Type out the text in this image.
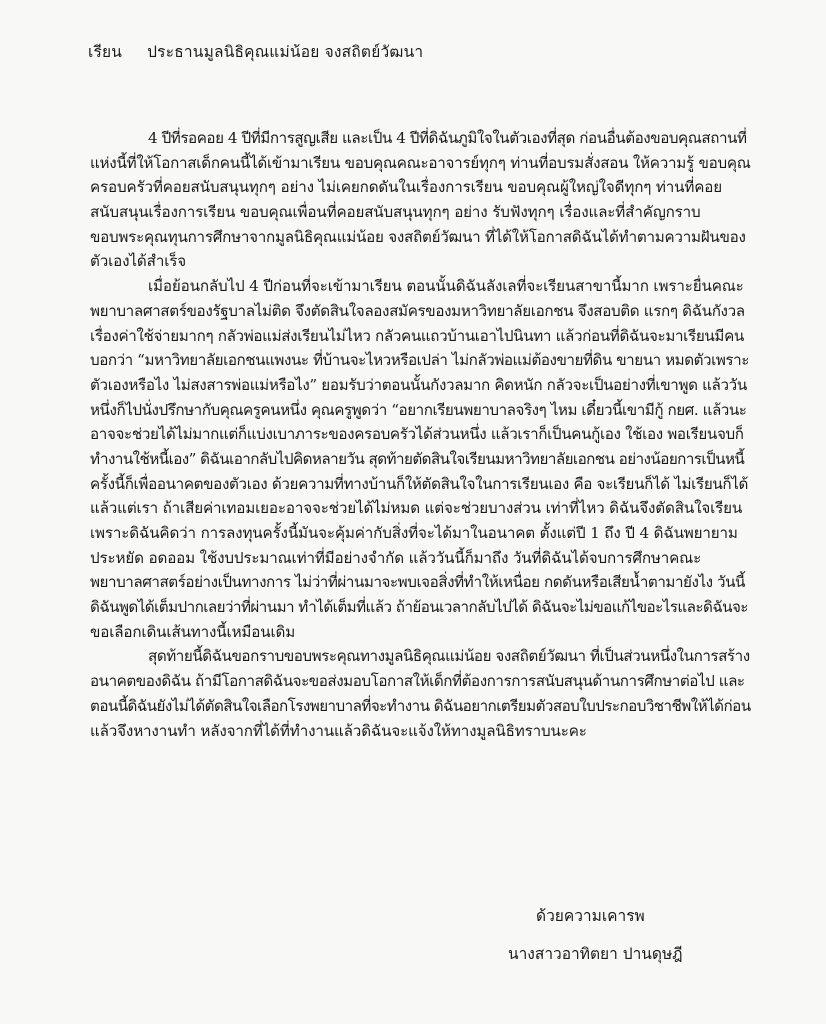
เรียน ประธานมูลนิธิคุณแม่น้อย จงสถิตย์วัฒนา
4 ปีที่รอคอย 4 ปีที่มีการสูญเสีย และเป็น 4 ปีที่ดิฉันภูมิใจในตัวเองที่สุด ก่อนอื่นต้องขอบคุณสถานที่
แห่งนี้ที่ให้โอกาสเด็กคนนี้ได้เข้ามาเรียน ขอบคุณคณะอาจารย์ทุกๆ ท่านที่อบรมสั่งสอน ให้ความรู้ ขอบคุณ
ครอบครัวที่คอยสนับสนุนทุกๆ อย่าง ไม่เคยกดดันในเรื่องการเรียน ขอบคุณผู้ใหญ่ใจดีทุกๆ ท่านที่คอย
สนับสนุนเรื่องการเรียน ขอบคุณเพื่อนที่คอยสนับสนุนทุกๆ อย่าง รับฟังทุกๆ เรื่องและที่สำคัญกราบ
ขอบพระคุณทุนการศึกษาจากมูลนิธิคุณแม่น้อย จงสถิตย์วัฒนา ที่ได้ให้โอกาสดิฉันได้ทำตามความฝันของ
ตัวเองได้สำเร็จ
เมื่อย้อนกลับไป 4 ปีก่อนที่จะเข้ามาเรียน ตอนนั้นดิฉันลังเลที่จะเรียนสาขานี้มาก เพราะยื่นคณะ
พยาบาลศาสตร์ของรัฐบาลไม่ติด จึงตัดสินใจลองสมัครของมหาวิทยาลัยเอกชน จึงสอบติด แรกๆ ดิฉันกังวล
เรื่องค่าใช้จ่ายมากๆ กลัวพ่อแม่ส่งเรียนไม่ไหว กลัวคนแถวบ้านเอาไปนินทา แล้วก่อนที่ดิฉันจะมาเรียนมีคน
บอกว่า “มหาวิทยาลัยเอกชนแพงนะ ที่บ้านจะไหวหรือเปล่า ไม่กลัวพ่อแม่ต้องขายที่ดิน ขายนา หมดตัวเพราะ
ตัวเองหรือไง ไม่สงสารพ่อแม่หรือไง” ยอมรับว่าตอนนั้นกังวลมาก คิดหนัก กลัวจะเป็นอย่างที่เขาพูด แล้ววัน
หนึ่งก็ไปนั่งปรึกษากับคุณครูคนหนึ่ง คุณครูพูดว่า “อยากเรียนพยาบาลจริงๆ ไหม เดี๋ยวนี้เขามีกู้ กยศ. แล้วนะ
อาจจะช่วยได้ไม่มากแต่ก็แบ่งเบาภาระของครอบครัวได้ส่วนหนึ่ง แล้วเราก็เป็นคนกู้เอง ใช้เอง พอเรียนจบก็
ทำงานใช้หนี้เอง” ดิฉันเอากลับไปคิดหลายวัน สุดท้ายตัดสินใจเรียนมหาวิทยาลัยเอกชน อย่างน้อยการเป็นหนี้
ครั้งนี้ก็เพื่ออนาคตของตัวเอง ด้วยความที่ทางบ้านก็ให้ตัดสินใจในการเรียนเอง คือ จะเรียนก็ได้ ไม่เรียนก็ได้
แล้วแต่เรา ถ้าเสียค่าเทอมเยอะอาจจะช่วยได้ไม่หมด แต่จะช่วยบางส่วน เท่าที่ไหว ดิฉันจึงตัดสินใจเรียน
เพราะดิฉันคิดว่า การลงทุนครั้งนี้มันจะคุ้มค่ากับสิ่งที่จะได้มาในอนาคต ตั้งแต่ปี 1 ถึง ปี 4 ดิฉันพยายาม
ประหยัด อดออม ใช้งบประมาณเท่าที่มีอย่างจำกัด แล้ววันนี้ก็มาถึง วันที่ดิฉันได้จบการศึกษาคณะ
พยาบาลศาสตร์อย่างเป็นทางการ ไม่ว่าที่ผ่านมาจะพบเจอสิ่งที่ทำให้เหนื่อย กดดันหรือเสียน้ำตามายังไง วันนี้
ดิฉันพูดได้เต็มปากเลยว่าที่ผ่านมา ทำได้เต็มที่แล้ว ถ้าย้อนเวลากลับไปได้ ดิฉันจะไม่ขอแก้ไขอะไรและดิฉันจะ
ขอเลือกเดินเส้นทางนี้เหมือนเดิม
สุดท้ายนี้ดิฉันขอกราบขอบพระคุณทางมูลนิธิคุณแม่น้อย จงสถิตย์วัฒนา ที่เป็นส่วนหนึ่งในการสร้าง
อนาคตของดิฉัน ถ้ามีโอกาสดิฉันจะขอส่งมอบโอกาสให้เด็กที่ต้องการการสนับสนุนด้านการศึกษาต่อไป และ
ตอนนี้ดิฉันยังไม่ได้ตัดสินใจเลือกโรงพยาบาลที่จะทำงาน ดิฉันอยากเตรียมตัวสอบใบประกอบวิชาชีพให้ได้ก่อน
แล้วจึงหางานทำ หลังจากที่ได้ที่ทำงานแล้วดิฉันจะแจ้งให้ทางมูลนิธิทราบนะคะ
ด้วยความเคารพ
นางสาวอาทิตยา ปานดุษฎี
